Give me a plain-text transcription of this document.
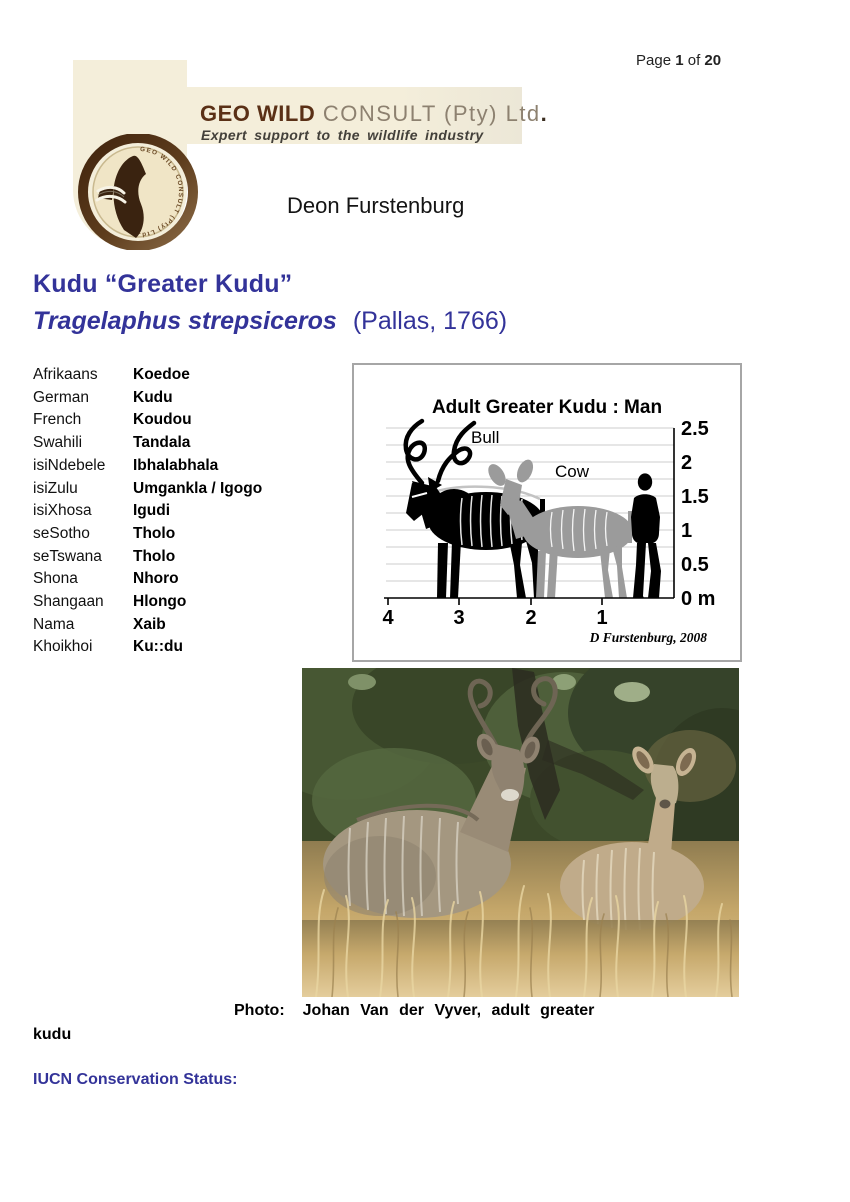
Page 1 of 20
GEO WILD CONSULT (Pty) Ltd.
GEO WILD CONSULT (Pty) Ltd.
Expert support to the wildlife industry
Deon Furstenburg
Kudu “Greater Kudu”
Tragelaphus strepsiceros (Pallas, 1766)
Afrikaans Koedoe
German	Kudu
French	Koudou
Swahili	Tandala
isiNdebele Ibhalabhala
isiZulu	Umgankla / Igogo
isiXhosa	Igudi
seSotho	Tholo
seTswana Tholo
Shona	Nhoro
Shangaan Hlongo
Nama	Xaib
Khoikhoi	Ku::du
Adult Greater Kudu : Man
Bull
Cow
2.5
2
1.5
1
0.5
0 m
4	3	2	1
D Furstenburg, 2008
Photo: Johan Van der Vyver, adult greater
kudu
IUCN Conservation Status:
